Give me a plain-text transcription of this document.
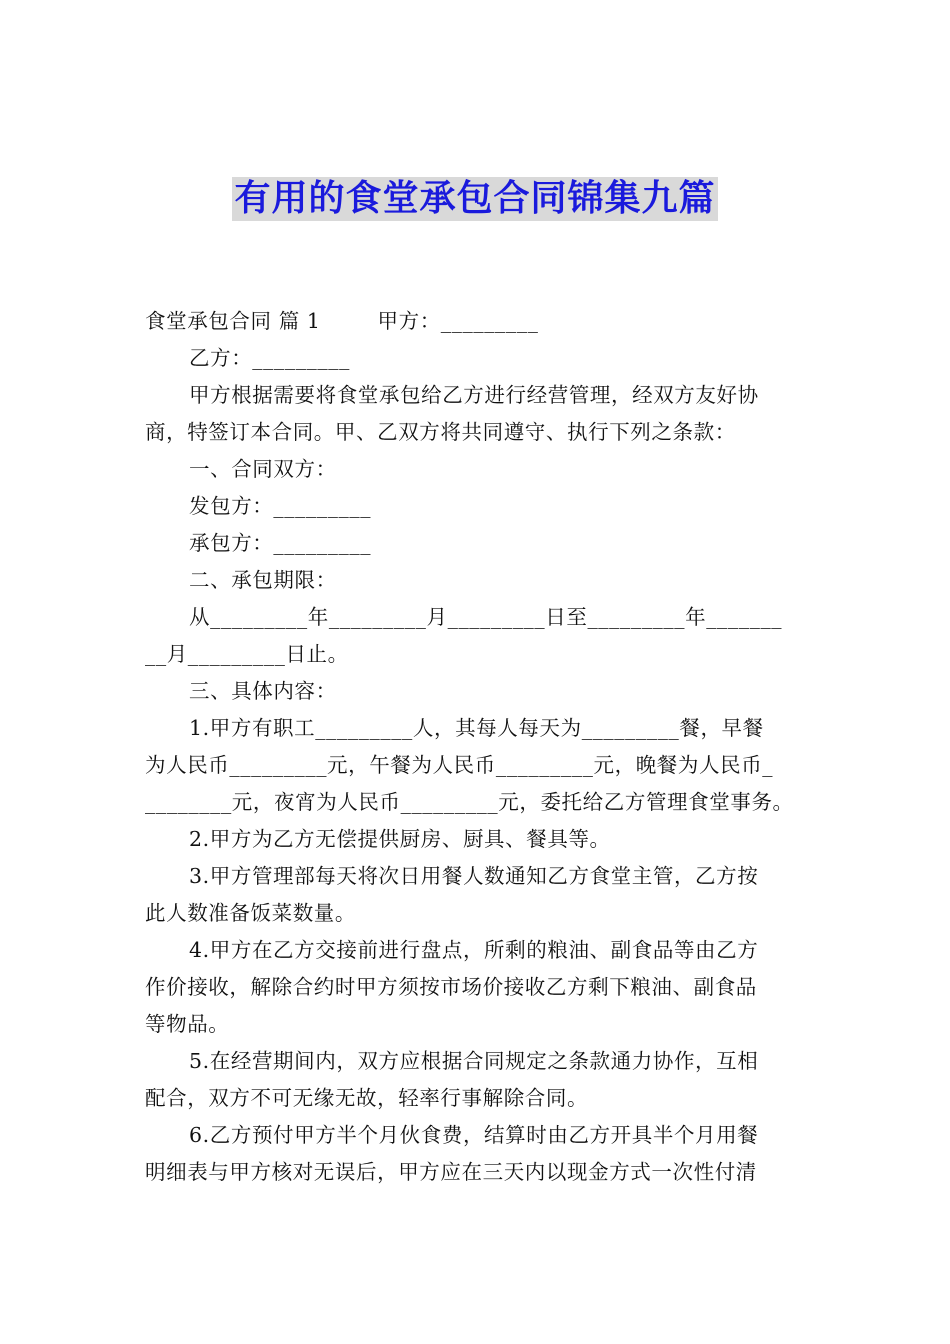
有用的食堂承包合同锦集九篇

食堂承包合同 篇 1        甲方：_________

乙方：_________

甲方根据需要将食堂承包给乙方进行经营管理，经双方友好协

商，特签订本合同。甲、乙双方将共同遵守、执行下列之条款：

一、合同双方：

发包方：_________

承包方：_________

二、承包期限：

从_________年_________月_________日至_________年_______

__月_________日止。

三、具体内容：

1.甲方有职工_________人，其每人每天为_________餐，早餐

为人民币_________元，午餐为人民币_________元，晚餐为人民币_

________元，夜宵为人民币_________元，委托给乙方管理食堂事务。

2.甲方为乙方无偿提供厨房、厨具、餐具等。

3.甲方管理部每天将次日用餐人数通知乙方食堂主管，乙方按

此人数准备饭菜数量。

4.甲方在乙方交接前进行盘点，所剩的粮油、副食品等由乙方

作价接收，解除合约时甲方须按市场价接收乙方剩下粮油、副食品

等物品。

5.在经营期间内，双方应根据合同规定之条款通力协作，互相

配合，双方不可无缘无故，轻率行事解除合同。

6.乙方预付甲方半个月伙食费，结算时由乙方开具半个月用餐

明细表与甲方核对无误后，甲方应在三天内以现金方式一次性付清
